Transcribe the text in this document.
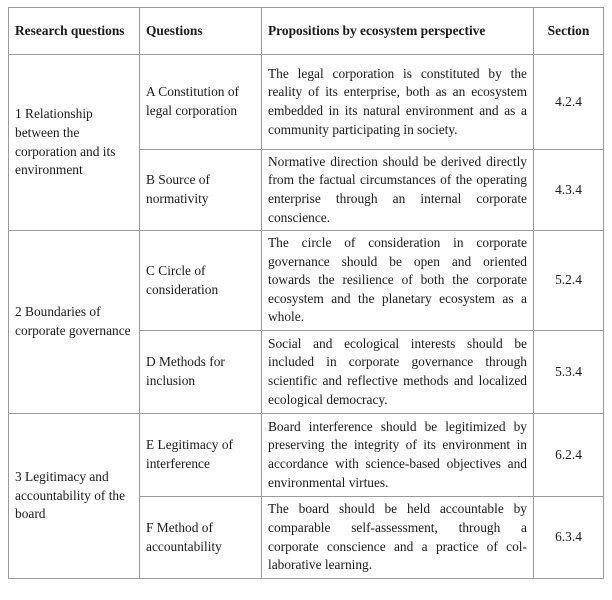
Research questions	Questions	Propositions by ecosystem perspective	Section
1 Relationship between the corporation and its environment	A Constitution of legal corporation	The legal corporation is constituted by the reality of its enterprise, both as an ecosystem embedded in its natural environment and as a community participating in society.	4.2.4
	B Source of normativity	Normative direction should be derived directly from the factual circumstances of the operating enterprise through an internal corporate conscience.	4.3.4
2 Boundaries of corporate governance	C Circle of consideration	The circle of consideration in corporate governance should be open and oriented towards the resilience of both the corporate ecosystem and the planetary ecosystem as a whole.	5.2.4
	D Methods for inclusion	Social and ecological interests should be included in corporate governance through scientific and reflective methods and localized ecological democracy.	5.3.4
3 Legitimacy and accountability of the board	E Legitimacy of interference	Board interference should be legitimized by preserving the integrity of its environment in accordance with science-based objectives and environmental virtues.	6.2.4
	F Method of accountability	The board should be held accountable by comparable self-assessment, through a corporate conscience and a practice of collaborative learning.	6.3.4
